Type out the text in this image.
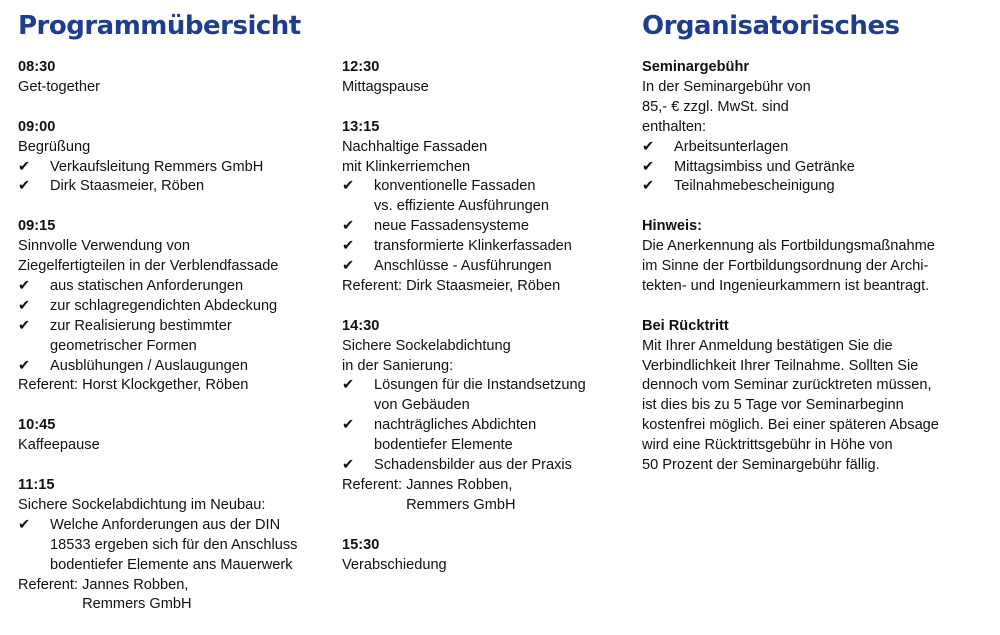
Programmübersicht	Organisatorisches
08:30
Get-together
09:00
Begrüßung
✔	Verkaufsleitung Remmers GmbH
✔	Dirk Staasmeier, Röben
09:15
Sinnvolle Verwendung von
Ziegelfertigteilen in der Verblendfassade
✔	aus statischen Anforderungen
✔	zur schlagregendichten Abdeckung
✔	zur Realisierung bestimmter
geometrischer Formen
✔	Ausblühungen / Auslaugungen
Referent:
Horst Klockgether, Röben
10:45
Kaffeepause
11:15
Sichere Sockelabdichtung im Neubau:
✔	Welche Anforderungen aus der DIN
18533 ergeben sich für den Anschluss
bodentiefer Elemente ans Mauerwerk
Referent:
Jannes Robben,
Remmers GmbH
12:30
Mittagspause
13:15
Nachhaltige Fassaden
mit Klinkerriemchen
✔	konventionelle Fassaden
vs. effiziente Ausführungen
✔	neue Fassadensysteme
✔	transformierte Klinkerfassaden
✔	Anschlüsse - Ausführungen
Referent:
Dirk Staasmeier, Röben
14:30
Sichere Sockelabdichtung
in der Sanierung:
✔	Lösungen für die Instandsetzung
von Gebäuden
✔	nachträgliches Abdichten
bodentiefer Elemente
✔	Schadensbilder aus der Praxis
Referent:
Jannes Robben,
Remmers GmbH
15:30
Verabschiedung
Seminargebühr
In der Seminargebühr von
85,- € zzgl. MwSt. sind
enthalten:
✔	Arbeitsunterlagen
✔	Mittagsimbiss und Getränke
✔	Teilnahmebescheinigung
Hinweis:
Die Anerkennung als Fortbildungsmaßnahme
im Sinne der Fortbildungsordnung der Archi-
tekten- und Ingenieurkammern ist beantragt.
Bei Rücktritt
Mit Ihrer Anmeldung bestätigen Sie die
Verbindlichkeit Ihrer Teilnahme. Sollten Sie
dennoch vom Seminar zurücktreten müssen,
ist dies bis zu 5 Tage vor Seminarbeginn
kostenfrei möglich. Bei einer späteren Absage
wird eine Rücktrittsgebühr in Höhe von
50 Prozent der Seminargebühr fällig.
